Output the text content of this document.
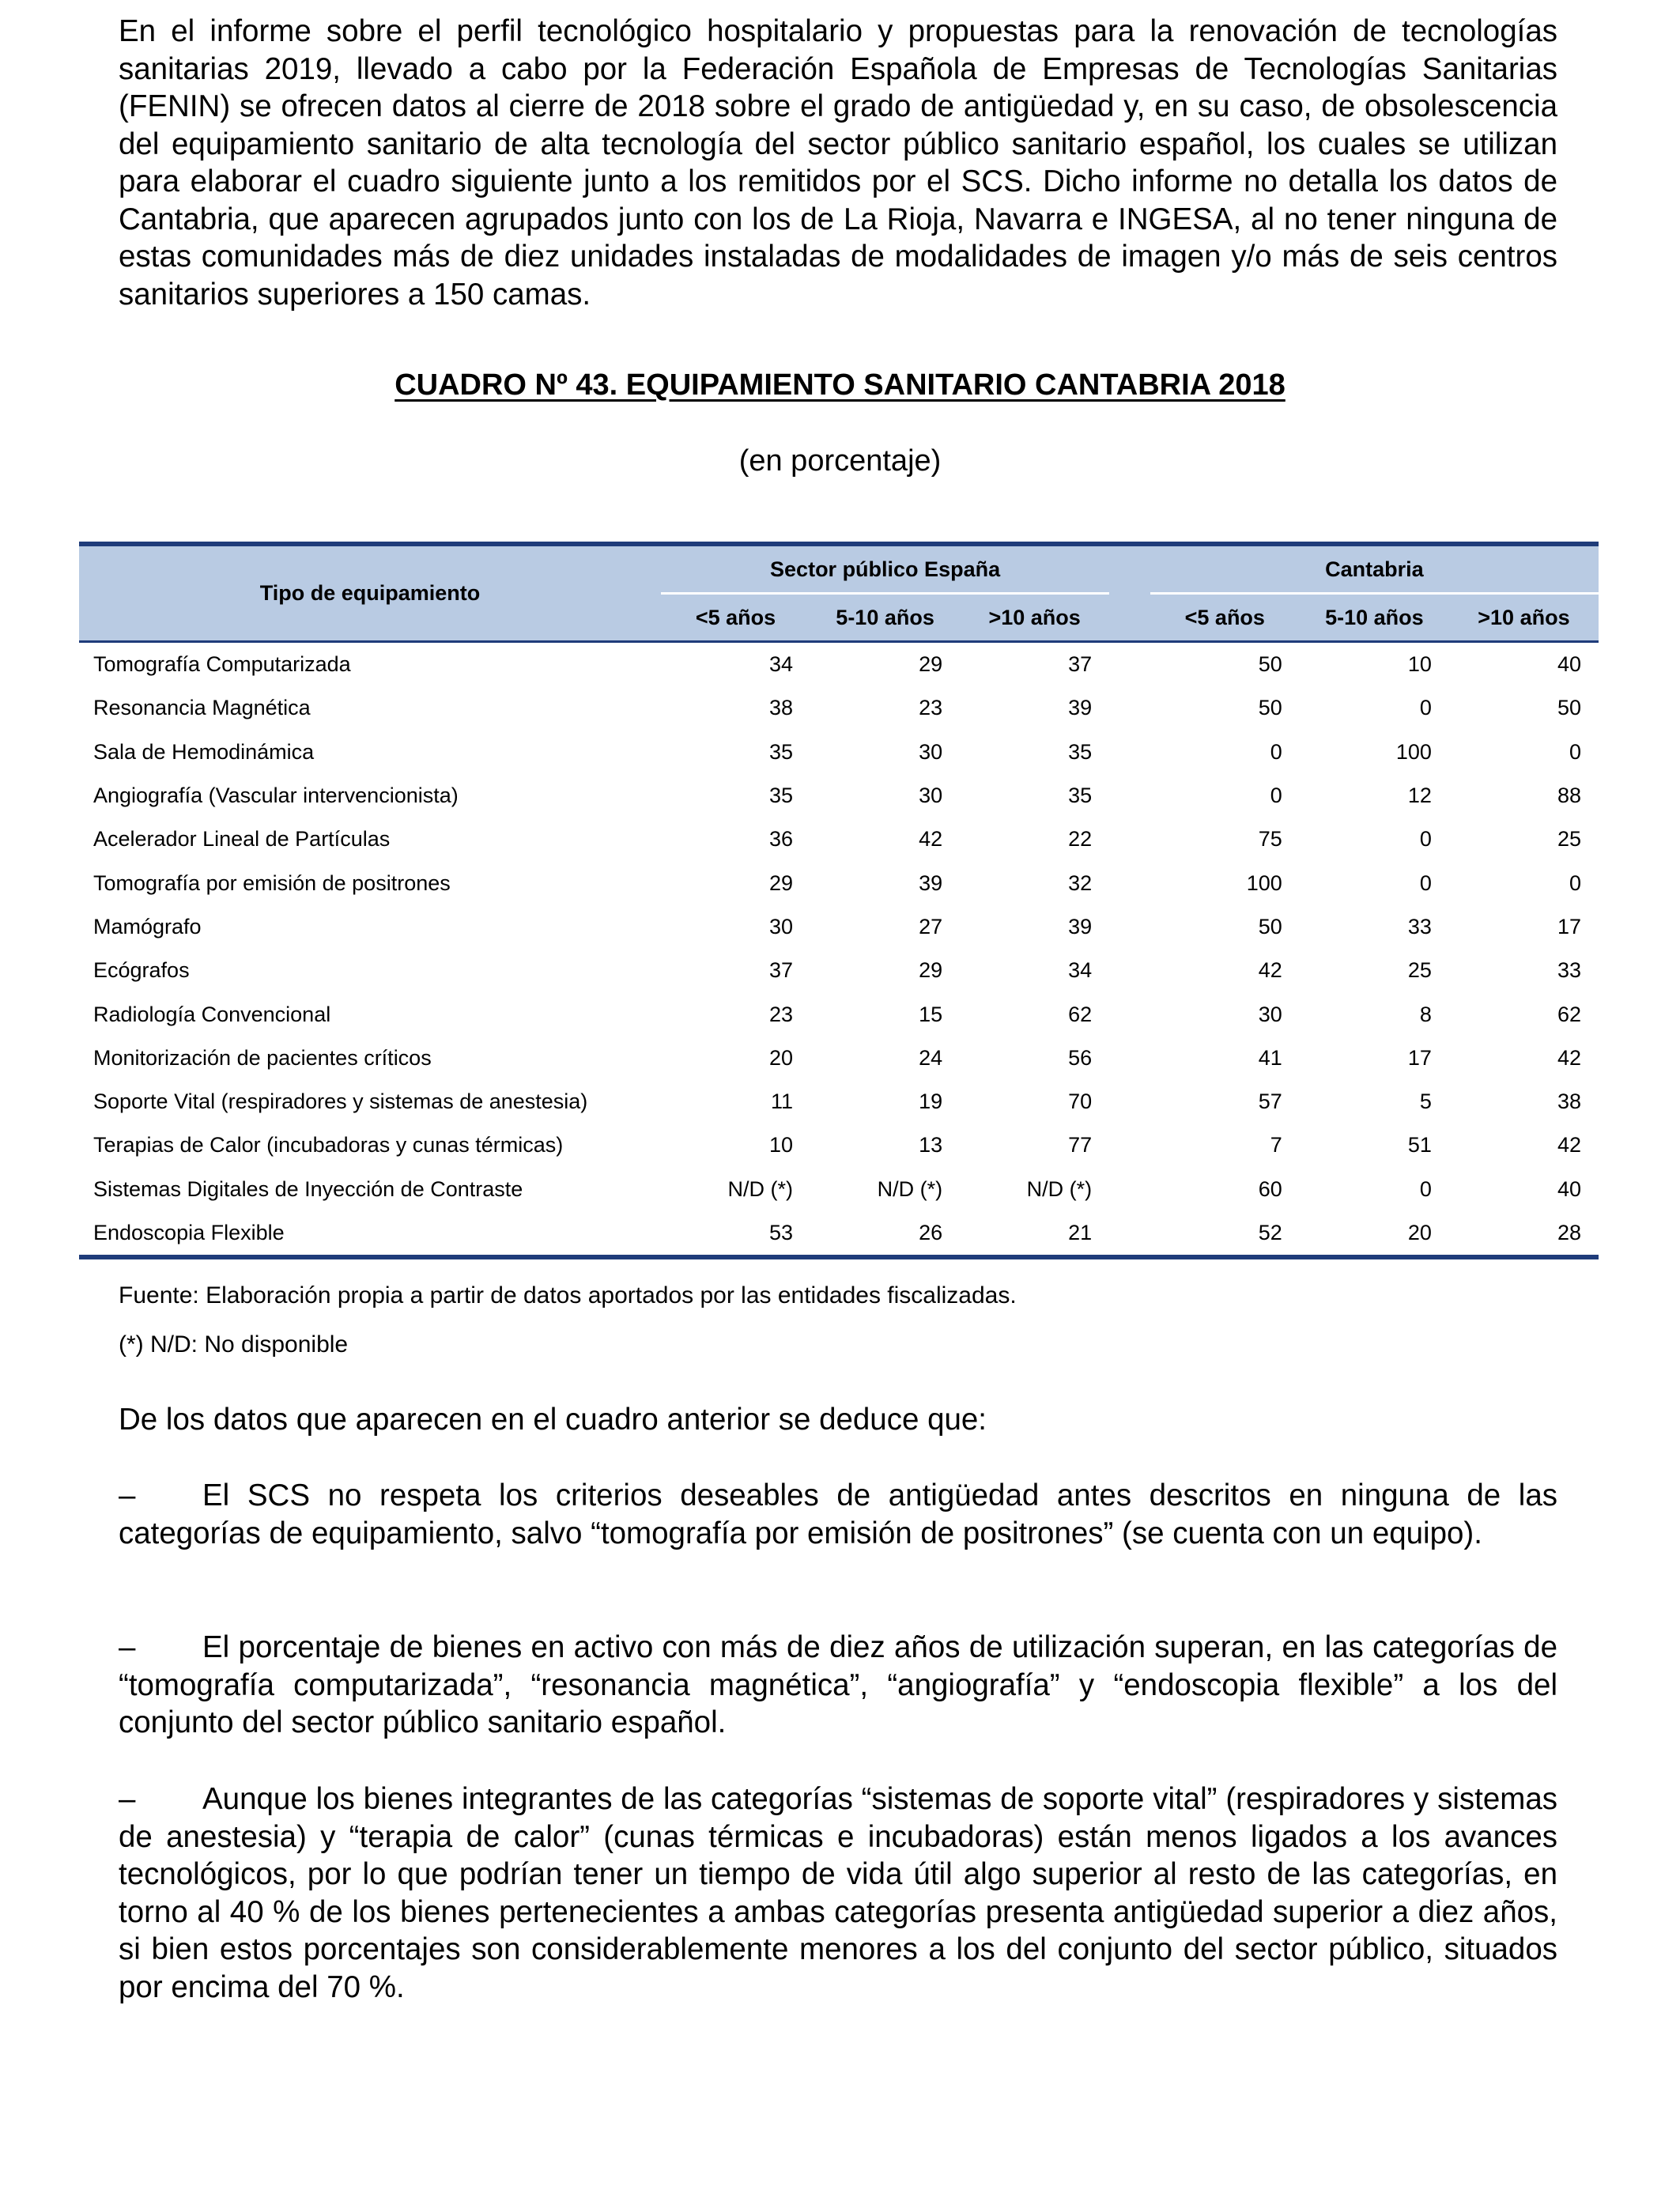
En el informe sobre el perfil tecnológico hospitalario y propuestas para la renovación de tecnologías sanitarias 2019, llevado a cabo por la Federación Española de Empresas de Tecnologías Sanitarias (FENIN) se ofrecen datos al cierre de 2018 sobre el grado de antigüedad y, en su caso, de obsolescencia del equipamiento sanitario de alta tecnología del sector público sanitario español, los cuales se utilizan para elaborar el cuadro siguiente junto a los remitidos por el SCS. Dicho informe no detalla los datos de Cantabria, que aparecen agrupados junto con los de La Rioja, Navarra e INGESA, al no tener ninguna de estas comunidades más de diez unidades instaladas de modalidades de imagen y/o más de seis centros sanitarios superiores a 150 camas.

CUADRO Nº 43. EQUIPAMIENTO SANITARIO CANTABRIA 2018
(en porcentaje)
Tipo de equipamiento	Sector público España				Cantabria		
	<5 años	5-10 años	>10 años		<5 años	5-10 años	>10 años
Tomografía Computarizada	34	29	37		50	10	40
Resonancia Magnética	38	23	39		50	0	50
Sala de Hemodinámica	35	30	35		0	100	0
Angiografía (Vascular intervencionista)	35	30	35		0	12	88
Acelerador Lineal de Partículas	36	42	22		75	0	25
Tomografía por emisión de positrones	29	39	32		100	0	0
Mamógrafo	30	27	39		50	33	17
Ecógrafos	37	29	34		42	25	33
Radiología Convencional	23	15	62		30	8	62
Monitorización de pacientes críticos	20	24	56		41	17	42
Soporte Vital (respiradores y sistemas de anestesia)	11	19	70		57	5	38
Terapias de Calor (incubadoras y cunas térmicas)	10	13	77		7	51	42
Sistemas Digitales de Inyección de Contraste	N/D (*)	N/D (*)	N/D (*)		60	0	40
Endoscopia Flexible	53	26	21		52	20	28
Fuente: Elaboración propia a partir de datos aportados por las entidades fiscalizadas.
(*) N/D: No disponible

De los datos que aparecen en el cuadro anterior se deduce que:

– El SCS no respeta los criterios deseables de antigüedad antes descritos en ninguna de las categorías de equipamiento, salvo “tomografía por emisión de positrones” (se cuenta con un equipo).

– El porcentaje de bienes en activo con más de diez años de utilización superan, en las categorías de “tomografía computarizada”, “resonancia magnética”, “angiografía” y “endoscopia flexible” a los del conjunto del sector público sanitario español.

– Aunque los bienes integrantes de las categorías “sistemas de soporte vital” (respiradores y sistemas de anestesia) y “terapia de calor” (cunas térmicas e incubadoras) están menos ligados a los avances tecnológicos, por lo que podrían tener un tiempo de vida útil algo superior al resto de las categorías, en torno al 40 % de los bienes pertenecientes a ambas categorías presenta antigüedad superior a diez años, si bien estos porcentajes son considerablemente menores a los del conjunto del sector público, situados por encima del 70 %.
